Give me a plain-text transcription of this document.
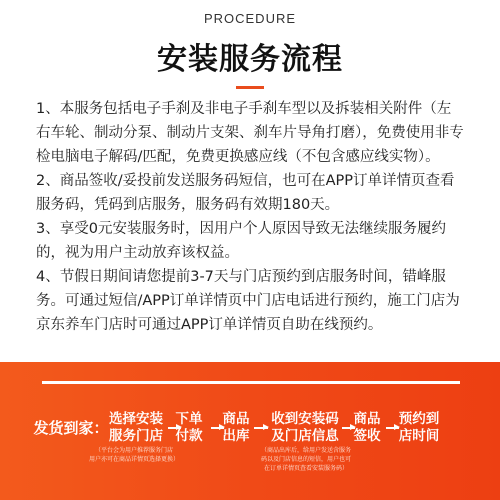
PROCEDURE
安装服务流程

1、本服务包括电子手刹及非电子手刹车型以及拆装相关附件（左右车轮、制动分泵、制动片支架、刹车片导角打磨），免费使用非专检电脑电子解码/匹配，免费更换感应线（不包含感应线实物）。

2、商品签收/妥投前发送服务码短信，也可在APP订单详情页查看服务码，凭码到店服务，服务码有效期180天。

3、享受0元安装服务时，因用户个人原因导致无法继续服务履约的，视为用户主动放弃该权益。

4、节假日期间请您提前3-7天与门店预约到店服务时间，错峰服务。可通过短信/APP订单详情页中门店电话进行预约，施工门店为京东养车门店时可通过APP订单详情页自助在线预约。

发货到家： 选择安装
服务门店
下单
付款
商品
出库
收到安装码
及门店信息
商品
签收
预约到
店时间
（平台会为用户推荐服务门店
用户亦可在商品详情页选择更换）
（商品出库后，给用户发送含服务
码以及门店信息的短信，用户也可
在订单详情页查看安装服务码）
